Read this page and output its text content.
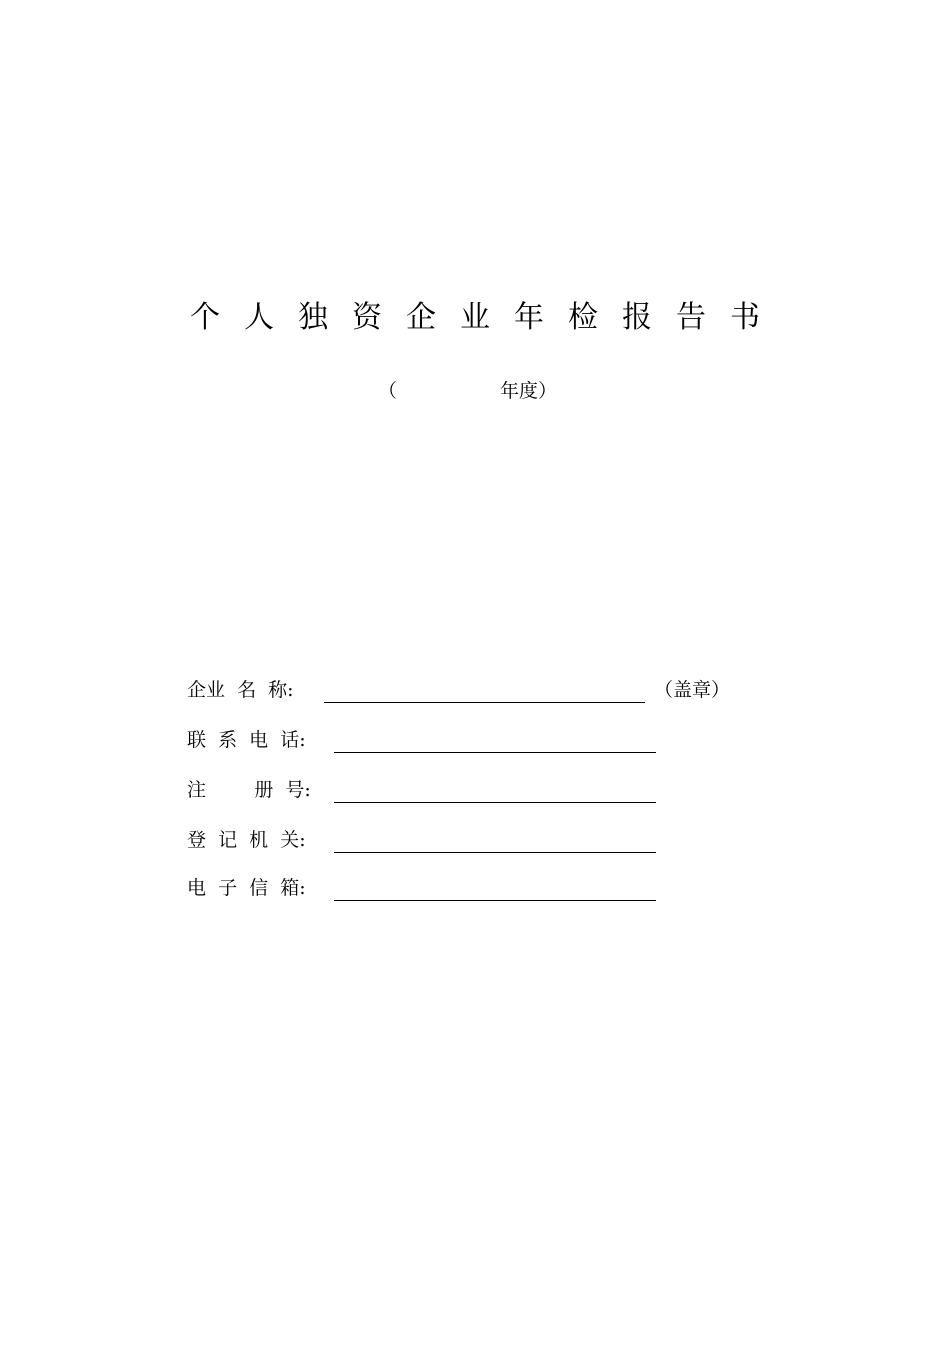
个人独资企业年检报告书
（	年度）
企业  名  称:	（盖章）
联  系  电  话:
注        册  号:
登  记  机  关:
电  子  信  箱:
